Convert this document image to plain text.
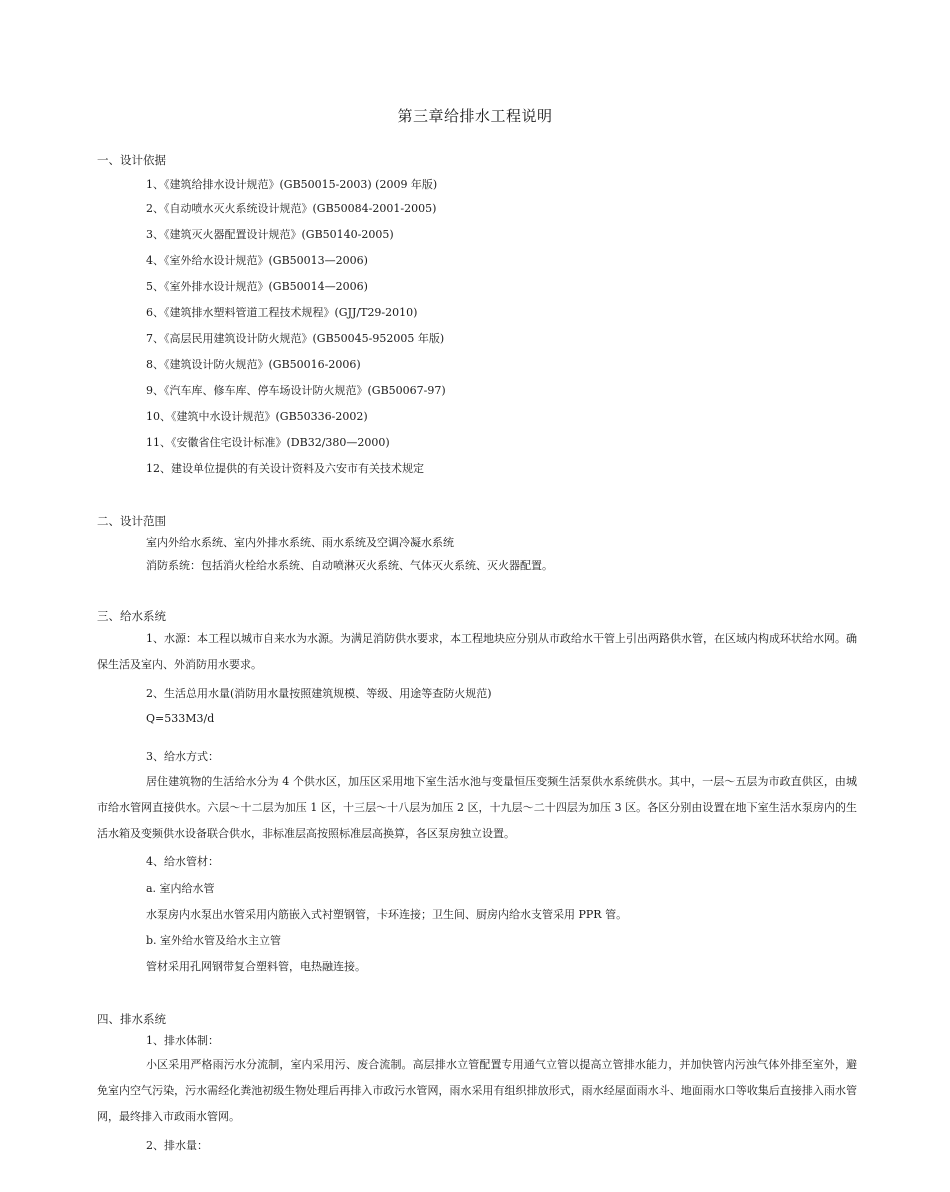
第三章给排水工程说明
一、设计依据
1、《建筑给排水设计规范》(GB50015-2003) (2009 年版)
2、《自动喷水灭火系统设计规范》(GB50084-2001-2005)
3、《建筑灭火器配置设计规范》(GB50140-2005)
4、《室外给水设计规范》(GB50013—2006)
5、《室外排水设计规范》(GB50014—2006)
6、《建筑排水塑料管道工程技术规程》(GJJ/T29-2010)
7、《高层民用建筑设计防火规范》(GB50045-952005 年版)
8、《建筑设计防火规范》(GB50016-2006)
9、《汽车库、修车库、停车场设计防火规范》(GB50067-97)
10、《建筑中水设计规范》(GB50336-2002)
11、《安徽省住宅设计标准》(DB32/380—2000)
12、建设单位提供的有关设计资料及六安市有关技术规定
二、设计范围
室内外给水系统、室内外排水系统、雨水系统及空调冷凝水系统
消防系统：包括消火栓给水系统、自动喷淋灭火系统、气体灭火系统、灭火器配置。
三、给水系统
1、水源：本工程以城市自来水为水源。为满足消防供水要求，本工程地块应分别从市政给水干管上引出两路供水管，在区域内构成环状给水网。确保生活及室内、外消防用水要求。
2、生活总用水量(消防用水量按照建筑规模、等级、用途等查防火规范)
Q=533M3/d
3、给水方式：
居住建筑物的生活给水分为 4 个供水区，加压区采用地下室生活水池与变量恒压变频生活泵供水系统供水。其中，一层～五层为市政直供区，由城市给水管网直接供水。六层～十二层为加压 1 区，十三层～十八层为加压 2 区，十九层～二十四层为加压 3 区。各区分别由设置在地下室生活水泵房内的生活水箱及变频供水设备联合供水，非标准层高按照标准层高换算，各区泵房独立设置。
4、给水管材：
a. 室内给水管
水泵房内水泵出水管采用内筋嵌入式衬塑钢管，卡环连接；卫生间、厨房内给水支管采用 PPR 管。
b. 室外给水管及给水主立管
管材采用孔网钢带复合塑料管，电热融连接。
四、排水系统
1、排水体制：
小区采用严格雨污水分流制，室内采用污、废合流制。高层排水立管配置专用通气立管以提高立管排水能力，并加快管内污浊气体外排至室外，避免室内空气污染，污水需经化粪池初级生物处理后再排入市政污水管网，雨水采用有组织排放形式，雨水经屋面雨水斗、地面雨水口等收集后直接排入雨水管网，最终排入市政雨水管网。
2、排水量：
